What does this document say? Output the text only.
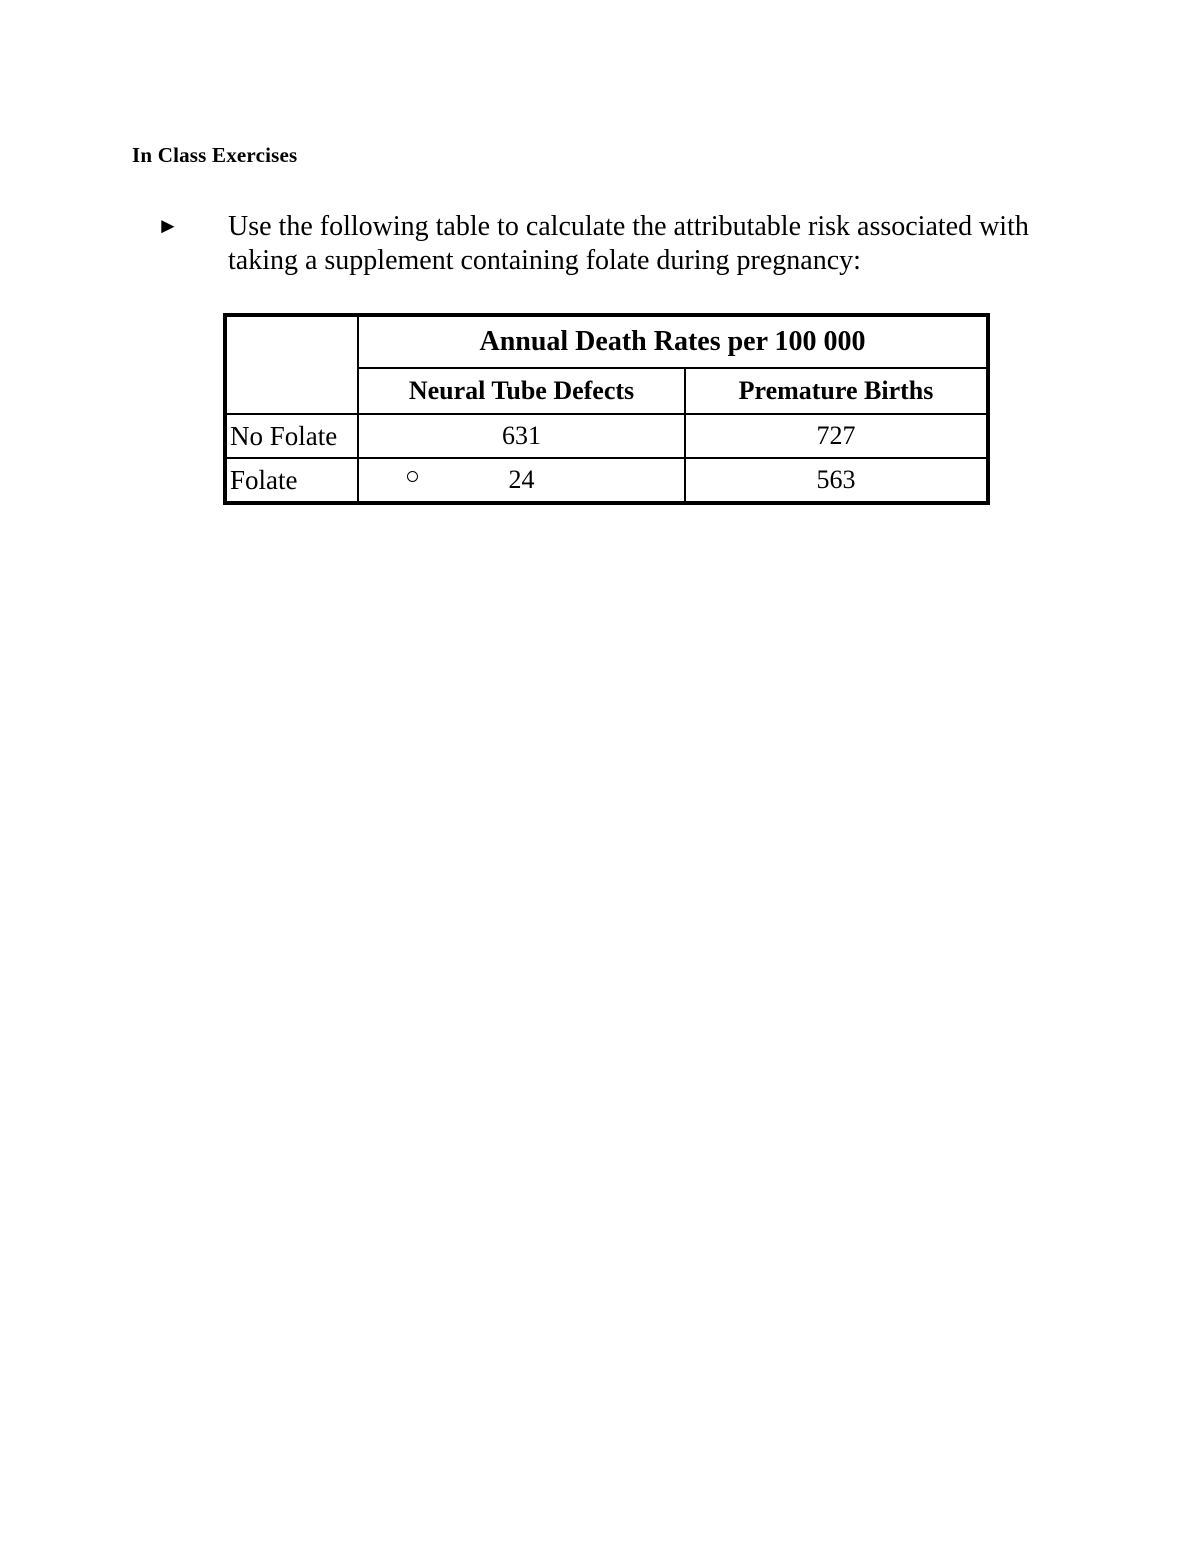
In Class Exercises
► Use the following table to calculate the attributable risk associated with taking a supplement containing folate during pregnancy:
	Annual Death Rates per 100 000	
	Neural Tube Defects	Premature Births
No Folate	631	727
Folate	24	563
